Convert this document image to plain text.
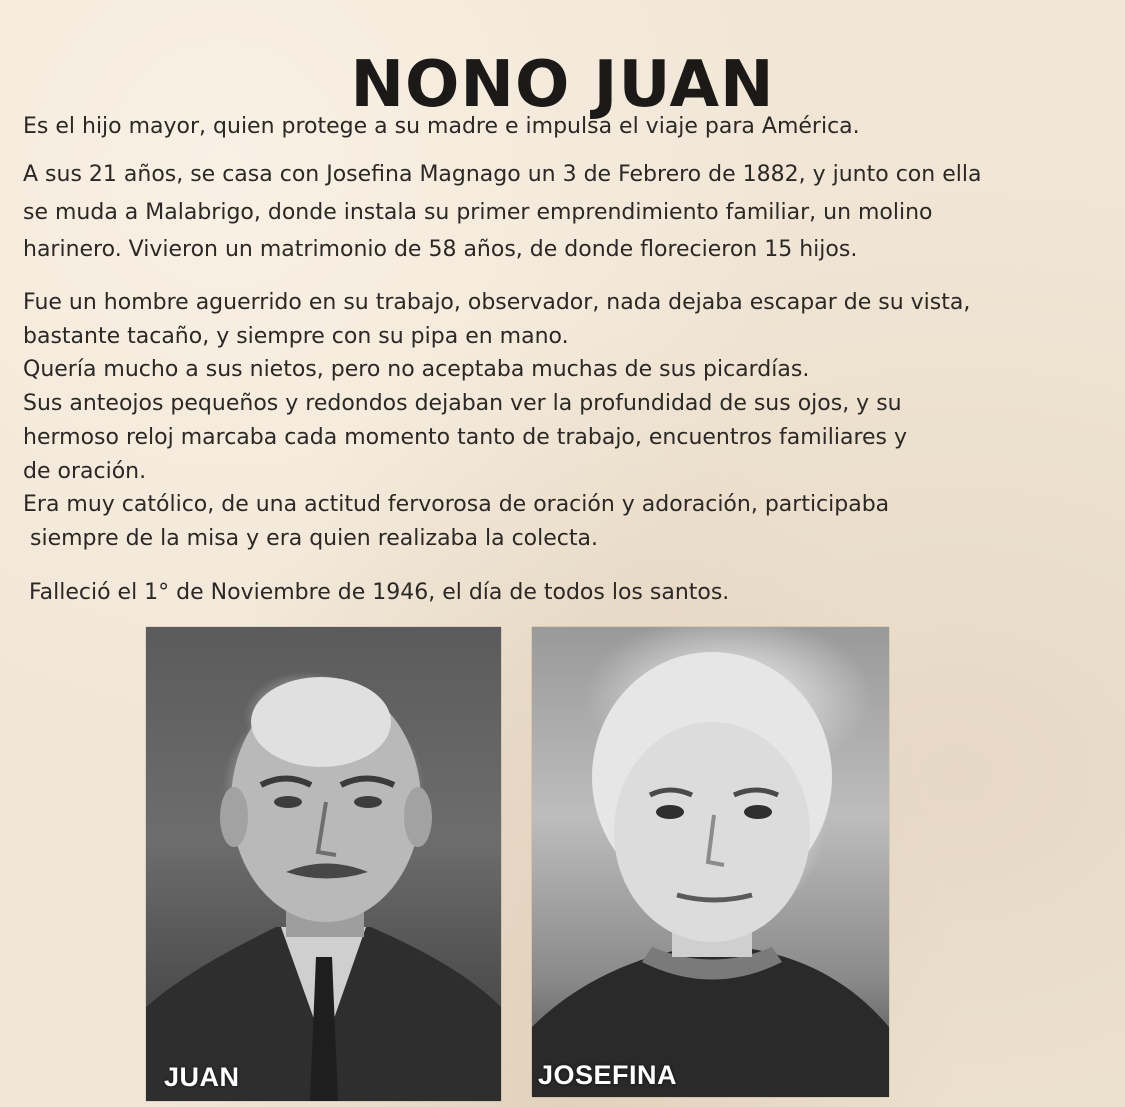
NONO JUAN

Es el hijo mayor, quien protege a su madre e impulsa el viaje para América.

A sus 21 años, se casa con Josefina Magnago un 3 de Febrero de 1882, y junto con ella
se muda a Malabrigo, donde instala su primer emprendimiento familiar, un molino
harinero. Vivieron un matrimonio de 58 años, de donde florecieron 15 hijos.

Fue un hombre aguerrido en su trabajo, observador, nada dejaba escapar de su vista,
bastante tacaño, y siempre con su pipa en mano.
Quería mucho a sus nietos, pero no aceptaba muchas de sus picardías.
Sus anteojos pequeños y redondos dejaban ver la profundidad de sus ojos, y su
hermoso reloj marcaba cada momento tanto de trabajo, encuentros familiares y
de oración.
Era muy católico, de una actitud fervorosa de oración y adoración, participaba
siempre de la misa y era quien realizaba la colecta.

Falleció el 1° de Noviembre de 1946, el día de todos los santos.

JUAN	JOSEFINA
